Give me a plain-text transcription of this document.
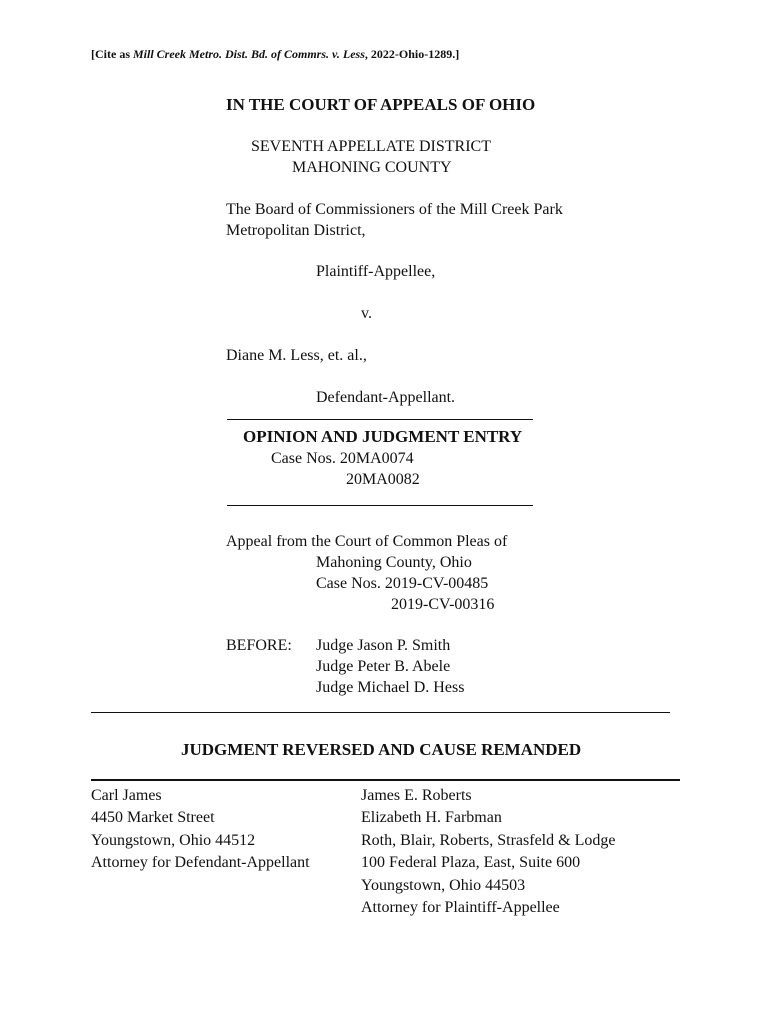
[Cite as Mill Creek Metro. Dist. Bd. of Commrs. v. Less, 2022-Ohio-1289.]
IN THE COURT OF APPEALS OF OHIO
SEVENTH APPELLATE DISTRICT
MAHONING COUNTY
The Board of Commissioners of the Mill Creek Park
Metropolitan District,
Plaintiff-Appellee,
v.
Diane M. Less, et. al.,
Defendant-Appellant.
OPINION AND JUDGMENT ENTRY
Case Nos. 20MA0074
20MA0082
Appeal from the Court of Common Pleas of
Mahoning County, Ohio
Case Nos. 2019-CV-00485
2019-CV-00316
BEFORE: Judge Jason P. Smith
Judge Peter B. Abele
Judge Michael D. Hess
JUDGMENT REVERSED AND CAUSE REMANDED
Carl James
4450 Market Street
Youngstown, Ohio 44512
Attorney for Defendant-Appellant
James E. Roberts
Elizabeth H. Farbman
Roth, Blair, Roberts, Strasfeld & Lodge
100 Federal Plaza, East, Suite 600
Youngstown, Ohio 44503
Attorney for Plaintiff-Appellee
